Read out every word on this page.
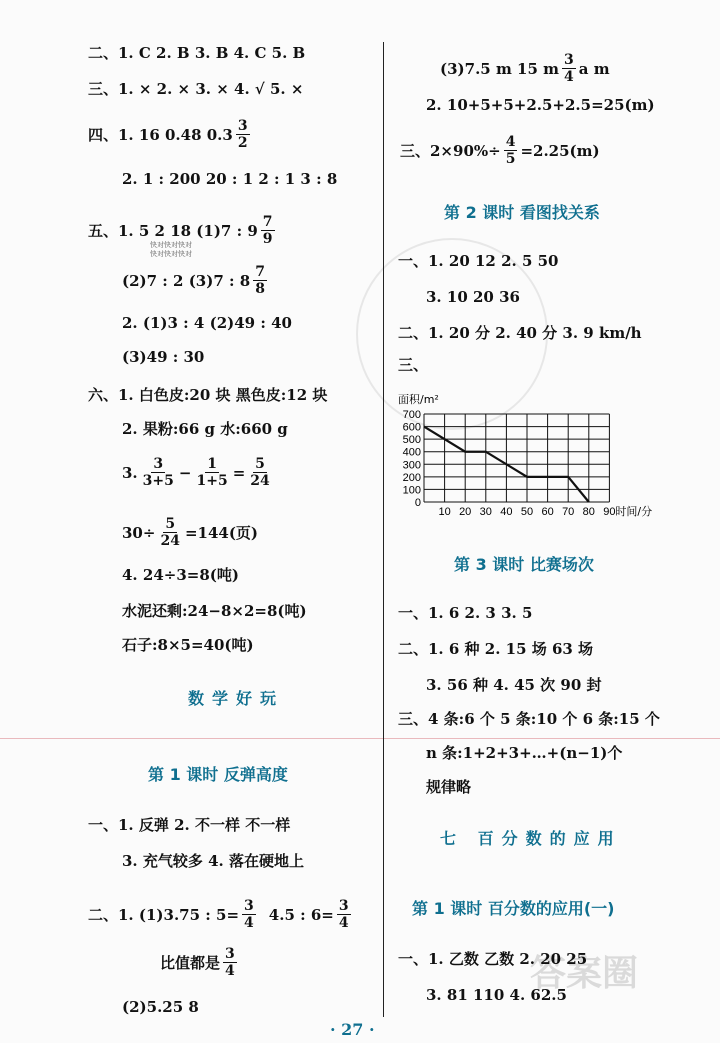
二、1. C 2. B 3. B 4. C 5. B
三、1. × 2. × 3. × 4. √ 5. ×
四、1. 16 0.48 $0.3 \frac{3}{2}$
2. 1 : 200 20 : 1 2 : 1 3 : 8
五、1. 5 2 18 (1)7 : $9 \frac{7}{9}$
快对快对快对
快对快对快对
(2)7 : 2 (3)7 : $8 \frac{7}{8}$
2. (1)3 : 4 (2)49 : 40
(3)49 : 30
六、1. 白色皮:20 块 黑色皮:12 块
2. 果粉:66 g 水:660 g
3. $\frac{3}{3+5} - \frac{1}{1+5} = \frac{5}{24}$
$30\div \frac{5}{24} =144$(页)
4. 24÷3=8(吨)
水泥还剩:24−8×2=8(吨)
石子:8×5=40(吨)
数学好玩
第 1 课时 反弹高度
一、1. 反弹 2. 不一样 不一样
3. 充气较多 4. 落在硬地上
二、1. (1)3.75 : $5= \frac{3}{4} 4.5$ : $6= \frac{3}{4}$
比值都是 $\frac{3}{4}$
(2)5.25 8
(3)7.5 m 15 m $\frac{3}{4}$ a m
2. 10+5+5+2.5+2.5=25(m)
三、$2\times 90\%\div \frac{4}{5} =2.25(m)$
第 2 课时 看图找关系
一、1. 20 12 2. 5 50
3. 10 20 36
二、1. 20 分 2. 40 分 3. 9 km/h
三、
0
100
200
300
400
500
600
700
10 20 30 40 50 60 70 80 90
面积/m²
时间/分
第 3 课时 比赛场次
一、1. 6 2. 3 3. 5
二、1. 6 种 2. 15 场 63 场
3. 56 种 4. 45 次 90 封
三、4 条:6 个 5 条:10 个 6 条:15 个
n 条:1+2+3+…+(n−1)个
规律略
七 百分数的应用
第 1 课时 百分数的应用(一)
一、1. 乙数 乙数 2. 20 25
3. 81 110 4. 62.5
答案圈
· 27 ·
